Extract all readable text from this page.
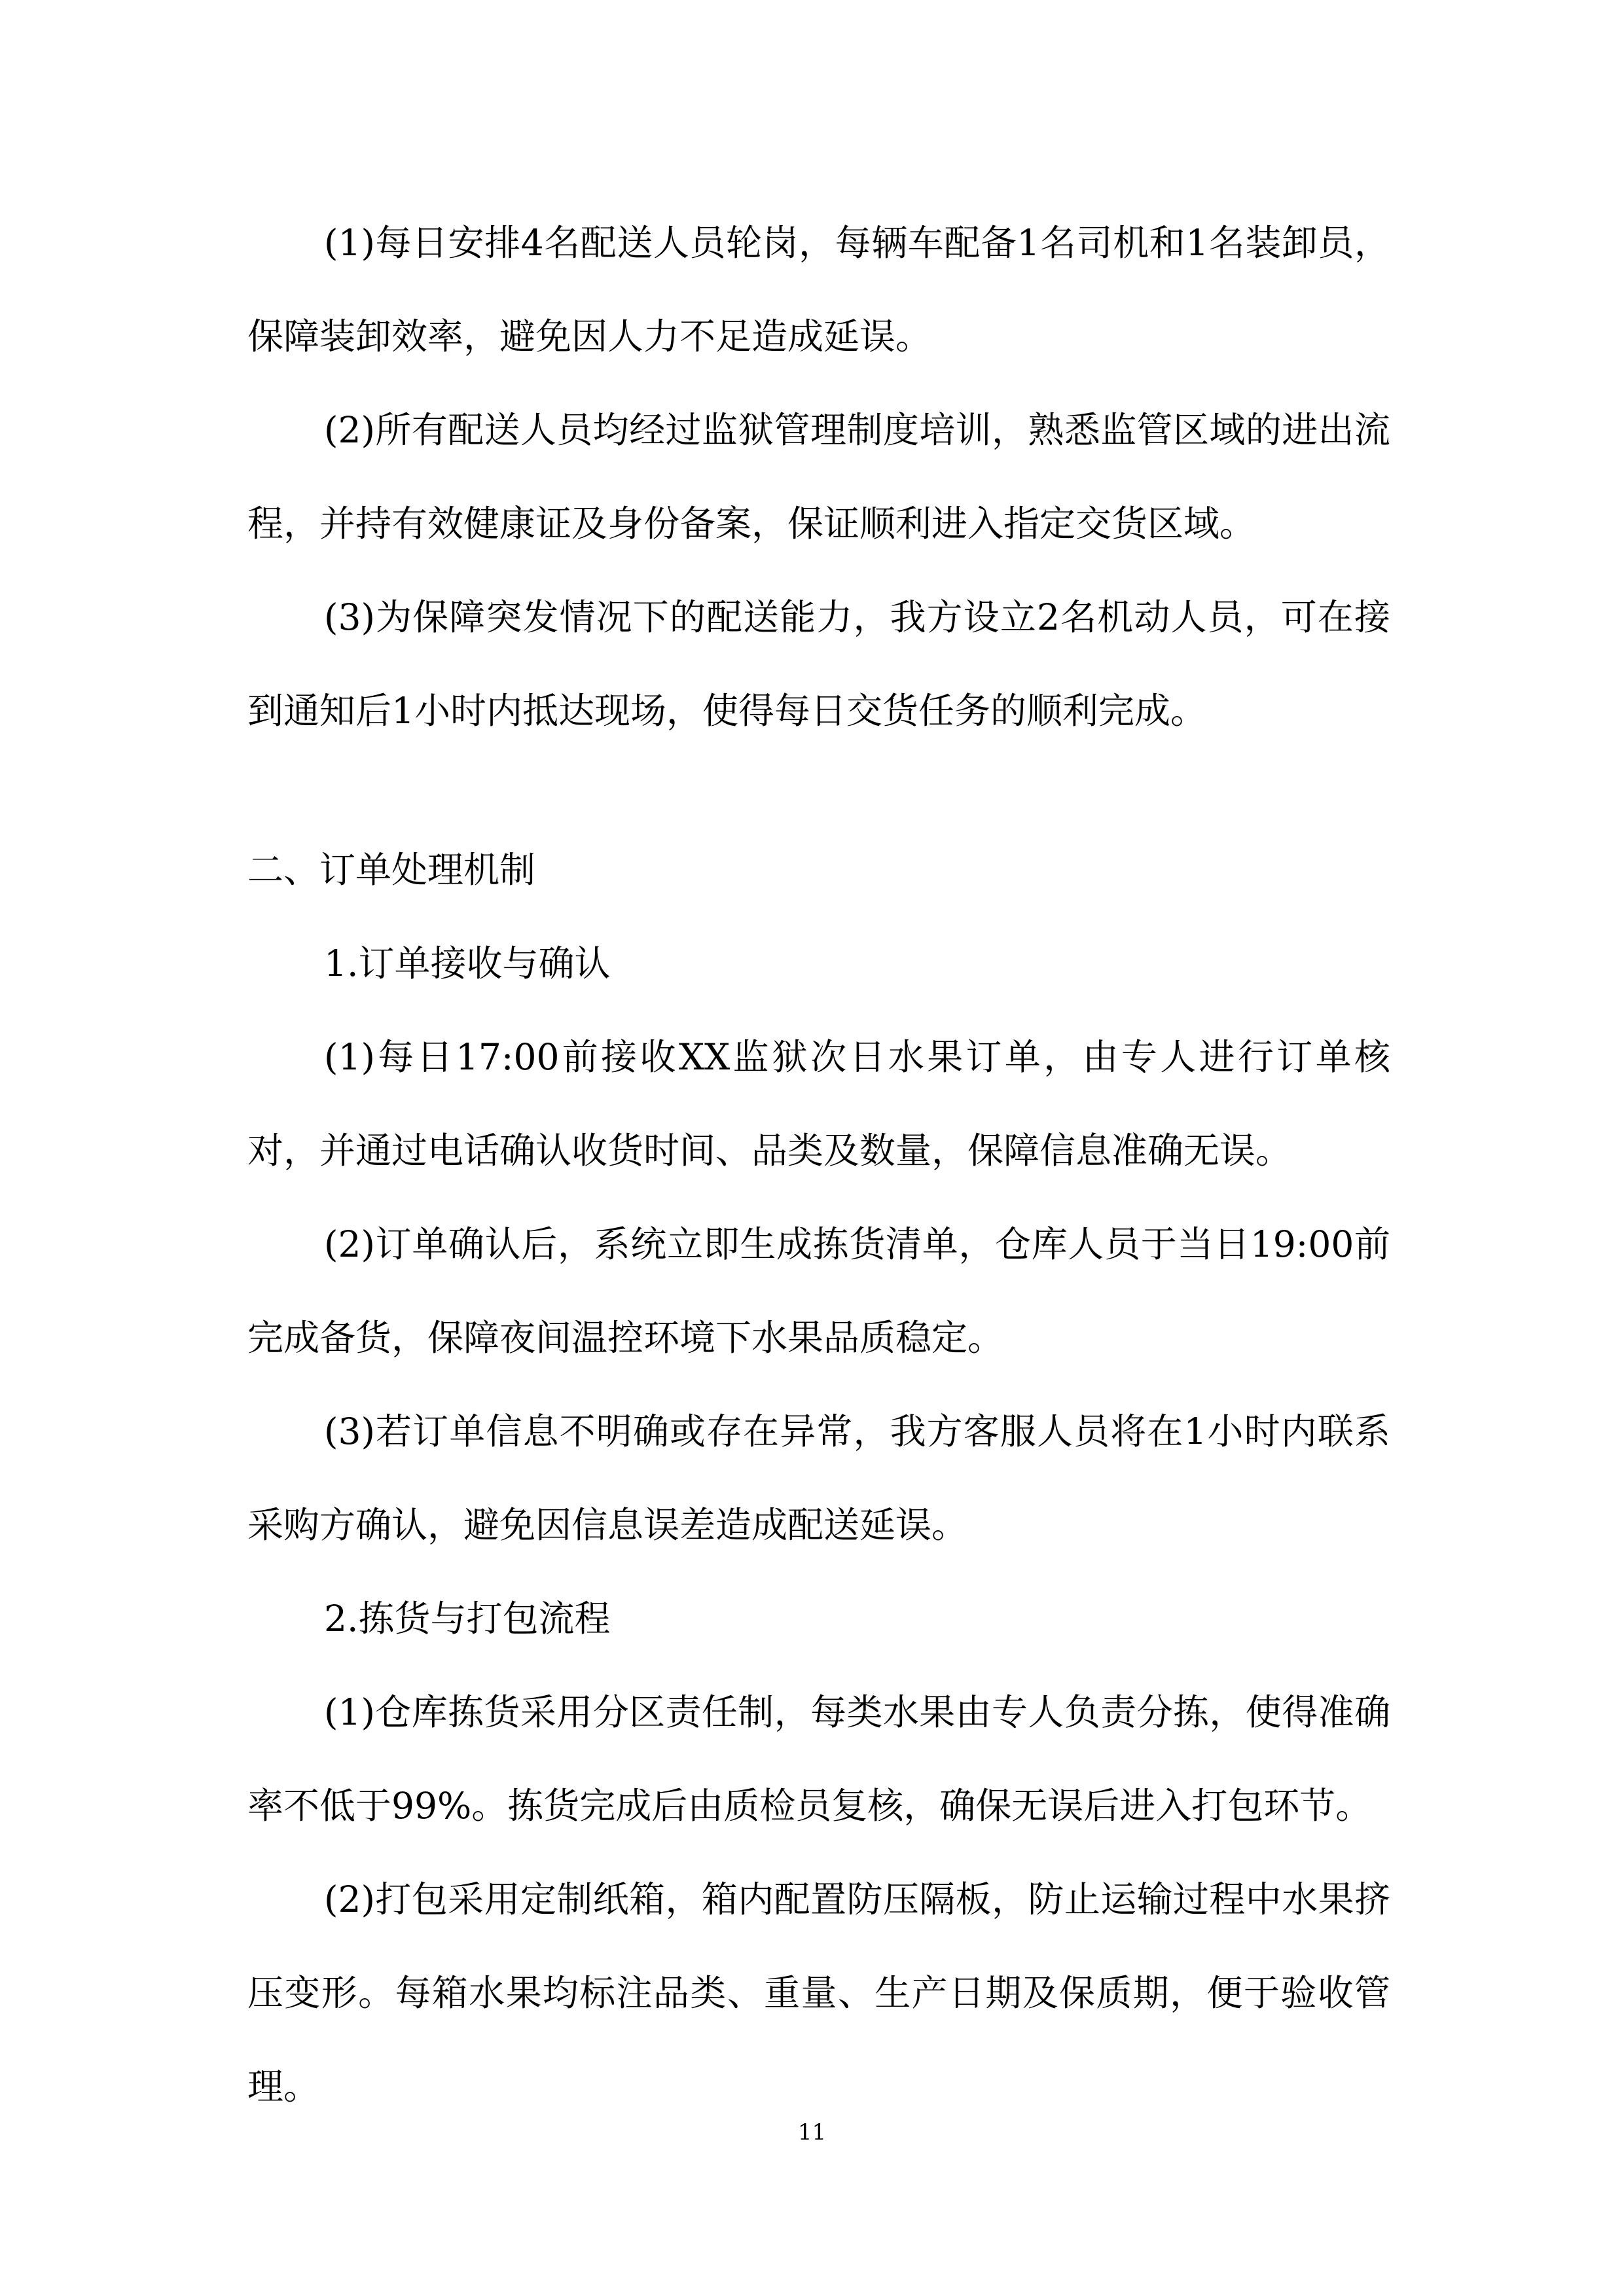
(1)每日安排4名配送人员轮岗，每辆车配备1名司机和1名装卸员，保障装卸效率，避免因人力不足造成延误。

(2)所有配送人员均经过监狱管理制度培训，熟悉监管区域的进出流程，并持有效健康证及身份备案，保证顺利进入指定交货区域。

(3)为保障突发情况下的配送能力，我方设立2名机动人员，可在接到通知后1小时内抵达现场，使得每日交货任务的顺利完成。

二、订单处理机制

1.订单接收与确认

(1)每日17:00前接收XX监狱次日水果订单，由专人进行订单核对，并通过电话确认收货时间、品类及数量，保障信息准确无误。

(2)订单确认后，系统立即生成拣货清单，仓库人员于当日19:00前完成备货，保障夜间温控环境下水果品质稳定。

(3)若订单信息不明确或存在异常，我方客服人员将在1小时内联系采购方确认，避免因信息误差造成配送延误。

2.拣货与打包流程

(1)仓库拣货采用分区责任制，每类水果由专人负责分拣，使得准确率不低于99%。拣货完成后由质检员复核，确保无误后进入打包环节。

(2)打包采用定制纸箱，箱内配置防压隔板，防止运输过程中水果挤压变形。每箱水果均标注品类、重量、生产日期及保质期，便于验收管理。

11
